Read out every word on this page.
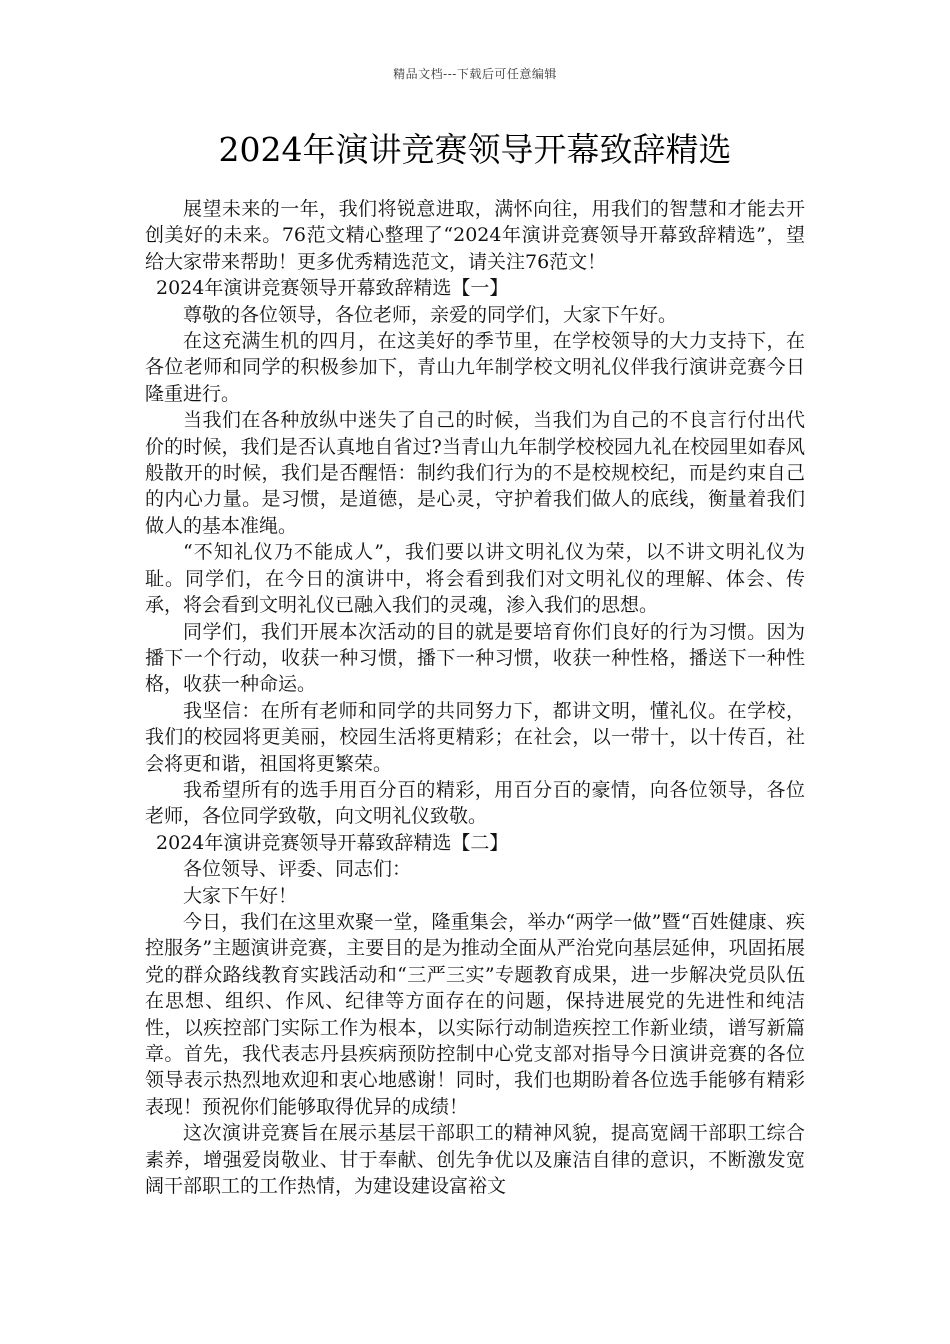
精品文档---下载后可任意编辑
2024年演讲竞赛领导开幕致辞精选

展望未来的一年，我们将锐意进取，满怀向往，用我们的智慧和才能去开创美好的未来。76范文精心整理了“2024年演讲竞赛领导开幕致辞精选”，望给大家带来帮助！更多优秀精选范文，请关注76范文！

2024年演讲竞赛领导开幕致辞精选【一】

尊敬的各位领导，各位老师，亲爱的同学们，大家下午好。

在这充满生机的四月，在这美好的季节里，在学校领导的大力支持下，在各位老师和同学的积极参加下，青山九年制学校文明礼仪伴我行演讲竞赛今日隆重进行。

当我们在各种放纵中迷失了自己的时候，当我们为自己的不良言行付出代价的时候，我们是否认真地自省过?当青山九年制学校校园九礼在校园里如春风般散开的时候，我们是否醒悟：制约我们行为的不是校规校纪，而是约束自己的内心力量。是习惯，是道德，是心灵，守护着我们做人的底线，衡量着我们做人的基本准绳。

“不知礼仪乃不能成人”，我们要以讲文明礼仪为荣，以不讲文明礼仪为耻。同学们，在今日的演讲中，将会看到我们对文明礼仪的理解、体会、传承，将会看到文明礼仪已融入我们的灵魂，渗入我们的思想。

同学们，我们开展本次活动的目的就是要培育你们良好的行为习惯。因为播下一个行动，收获一种习惯，播下一种习惯，收获一种性格，播送下一种性格，收获一种命运。

我坚信：在所有老师和同学的共同努力下，都讲文明，懂礼仪。在学校，我们的校园将更美丽，校园生活将更精彩；在社会，以一带十，以十传百，社会将更和谐，祖国将更繁荣。

我希望所有的选手用百分百的精彩，用百分百的豪情，向各位领导，各位老师，各位同学致敬，向文明礼仪致敬。

2024年演讲竞赛领导开幕致辞精选【二】

各位领导、评委、同志们：

大家下午好！

今日，我们在这里欢聚一堂，隆重集会，举办“两学一做”暨“百姓健康、疾控服务”主题演讲竞赛，主要目的是为推动全面从严治党向基层延伸，巩固拓展党的群众路线教育实践活动和“三严三实”专题教育成果，进一步解决党员队伍在思想、组织、作风、纪律等方面存在的问题，保持进展党的先进性和纯洁性，以疾控部门实际工作为根本，以实际行动制造疾控工作新业绩，谱写新篇章。首先，我代表志丹县疾病预防控制中心党支部对指导今日演讲竞赛的各位领导表示热烈地欢迎和衷心地感谢！同时，我们也期盼着各位选手能够有精彩表现！预祝你们能够取得优异的成绩！

这次演讲竞赛旨在展示基层干部职工的精神风貌，提高宽阔干部职工综合素养，增强爱岗敬业、甘于奉献、创先争优以及廉洁自律的意识，不断激发宽阔干部职工的工作热情，为建设建设富裕文
